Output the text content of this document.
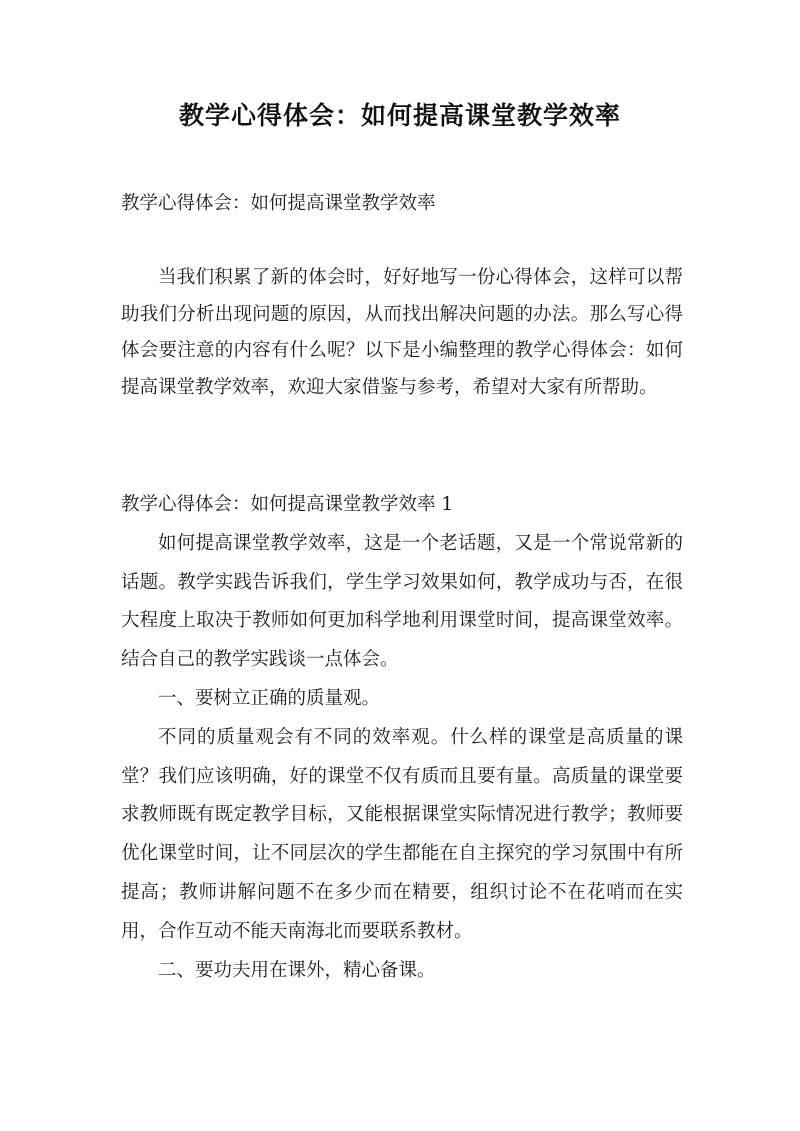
教学心得体会：如何提高课堂教学效率
教学心得体会：如何提高课堂教学效率
当我们积累了新的体会时，好好地写一份心得体会，这样可以帮助我们分析出现问题的原因，从而找出解决问题的办法。那么写心得体会要注意的内容有什么呢？以下是小编整理的教学心得体会：如何提高课堂教学效率，欢迎大家借鉴与参考，希望对大家有所帮助。

教学心得体会：如何提高课堂教学效率 1

如何提高课堂教学效率，这是一个老话题，又是一个常说常新的话题。教学实践告诉我们，学生学习效果如何，教学成功与否，在很大程度上取决于教师如何更加科学地利用课堂时间，提高课堂效率。结合自己的教学实践谈一点体会。

一、要树立正确的质量观。

不同的质量观会有不同的效率观。什么样的课堂是高质量的课堂？我们应该明确，好的课堂不仅有质而且要有量。高质量的课堂要求教师既有既定教学目标，又能根据课堂实际情况进行教学；教师要优化课堂时间，让不同层次的学生都能在自主探究的学习氛围中有所提高；教师讲解问题不在多少而在精要，组织讨论不在花哨而在实用，合作互动不能天南海北而要联系教材。

二、要功夫用在课外，精心备课。
